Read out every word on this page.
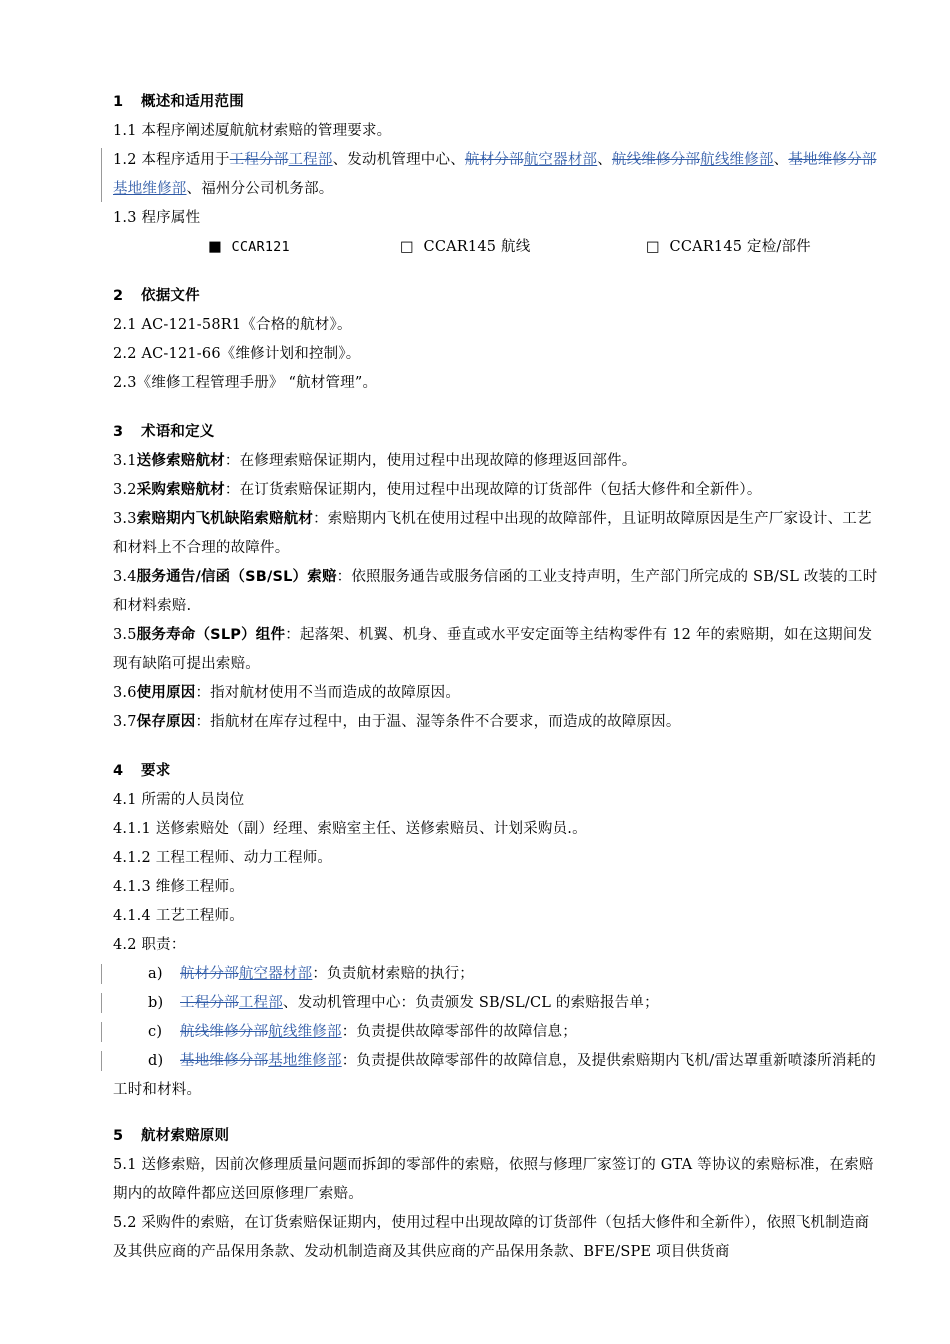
1 概述和适用范围
1.1 本程序阐述厦航航材索赔的管理要求。
1.2 本程序适用于工程分部工程部、发动机管理中心、航材分部航空器材部、航线维修分部航线维修部、基地维修分部基地维修部、福州分公司机务部。
1.3 程序属性
■ CCAR121	□ CCAR145 航线	□ CCAR145 定检/部件
2 依据文件
2.1 AC-121-58R1《合格的航材》。
2.2 AC-121-66《维修计划和控制》。
2.3《维修工程管理手册》 “航材管理”。
3 术语和定义
3.1送修索赔航材：在修理索赔保证期内，使用过程中出现故障的修理返回部件。
3.2采购索赔航材：在订货索赔保证期内，使用过程中出现故障的订货部件（包括大修件和全新件）。
3.3索赔期内飞机缺陷索赔航材：索赔期内飞机在使用过程中出现的故障部件，且证明故障原因是生产厂家设计、工艺和材料上不合理的故障件。
3.4服务通告/信函（SB/SL）索赔：依照服务通告或服务信函的工业支持声明，生产部门所完成的 SB/SL 改装的工时和材料索赔.
3.5服务寿命（SLP）组件：起落架、机翼、机身、垂直或水平安定面等主结构零件有 12 年的索赔期，如在这期间发现有缺陷可提出索赔。
3.6使用原因：指对航材使用不当而造成的故障原因。
3.7保存原因：指航材在库存过程中，由于温、湿等条件不合要求，而造成的故障原因。
4 要求
4.1 所需的人员岗位
4.1.1 送修索赔处（副）经理、索赔室主任、送修索赔员、计划采购员.。
4.1.2 工程工程师、动力工程师。
4.1.3 维修工程师。
4.1.4 工艺工程师。
4.2 职责：
a) 航材分部航空器材部：负责航材索赔的执行；
b) 工程分部工程部、发动机管理中心：负责颁发 SB/SL/CL 的索赔报告单；
c) 航线维修分部航线维修部：负责提供故障零部件的故障信息；
d) 基地维修分部基地维修部：负责提供故障零部件的故障信息，及提供索赔期内飞机/雷达罩重新喷漆所消耗的工时和材料。
5 航材索赔原则
5.1 送修索赔，因前次修理质量问题而拆卸的零部件的索赔，依照与修理厂家签订的 GTA 等协议的索赔标准，在索赔期内的故障件都应送回原修理厂索赔。
5.2 采购件的索赔，在订货索赔保证期内，使用过程中出现故障的订货部件（包括大修件和全新件），依照飞机制造商及其供应商的产品保用条款、发动机制造商及其供应商的产品保用条款、BFE/SPE 项目供货商
